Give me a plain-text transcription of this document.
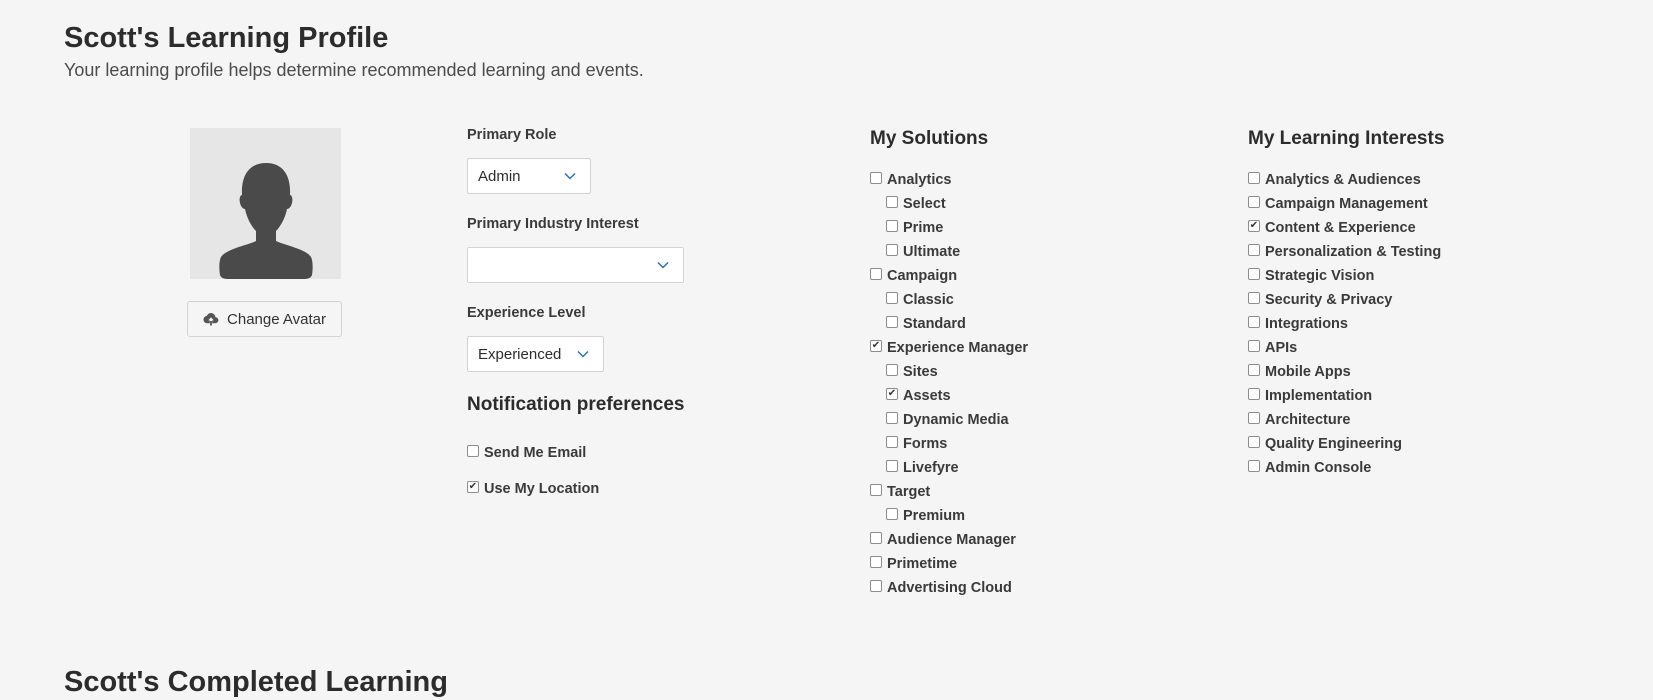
Scott's Learning Profile
Your learning profile helps determine recommended learning and events.
Change Avatar
Primary Role
Admin
Primary Industry Interest
Experience Level
Experienced
Notification preferences
Send Me Email
✔ Use My Location
My Solutions
Analytics
Select
Prime
Ultimate
Campaign
Classic
Standard
✔ Experience Manager
Sites
✔ Assets
Dynamic Media
Forms
Livefyre
Target
Premium
Audience Manager
Primetime
Advertising Cloud
My Learning Interests
Analytics & Audiences
Campaign Management
✔ Content & Experience
Personalization & Testing
Strategic Vision
Security & Privacy
Integrations
APIs
Mobile Apps
Implementation
Architecture
Quality Engineering
Admin Console
Scott's Completed Learning
